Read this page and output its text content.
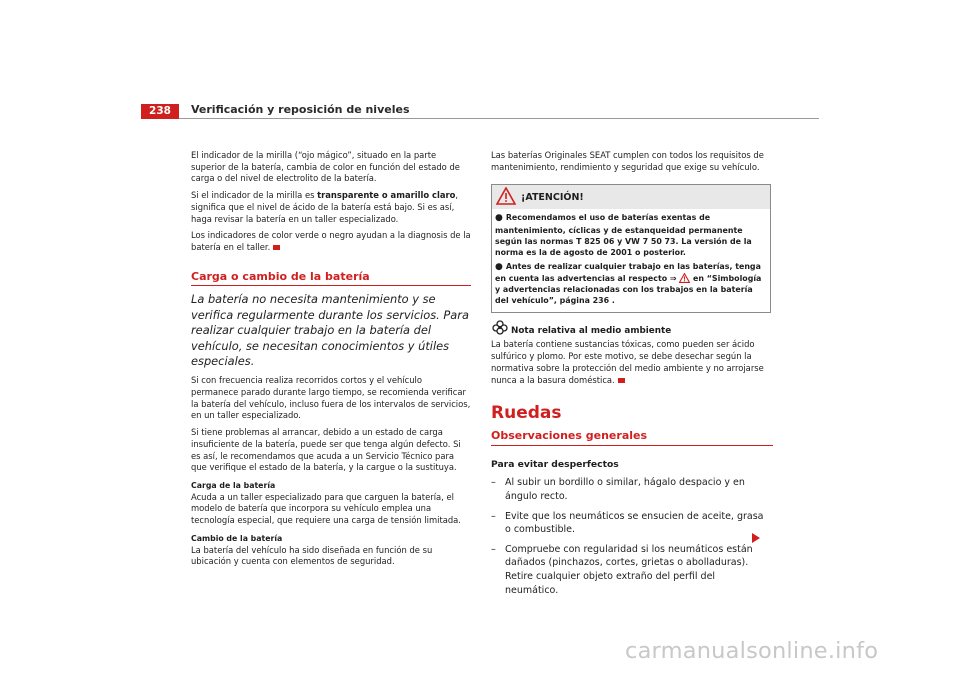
238	Verificación y reposición de niveles

El indicador de la mirilla (“ojo mágico”, situado en la parte superior de la batería, cambia de color en función del estado de carga o del nivel de electrolito de la batería.

Si el indicador de la mirilla es transparente o amarillo claro, significa que el nivel de ácido de la batería está bajo. Si es así, haga revisar la batería en un taller especializado.

Los indicadores de color verde o negro ayudan a la diagnosis de la batería en el taller.

Carga o cambio de la batería
La batería no necesita mantenimiento y se verifica regularmente durante los servicios. Para realizar cualquier trabajo en la batería del vehículo, se necesitan conocimientos y útiles especiales.

Si con frecuencia realiza recorridos cortos y el vehículo permanece parado durante largo tiempo, se recomienda verificar la batería del vehículo, incluso fuera de los intervalos de servicios, en un taller especializado.

Si tiene problemas al arrancar, debido a un estado de carga insuficiente de la batería, puede ser que tenga algún defecto. Si es así, le recomendamos que acuda a un Servicio Técnico para que verifique el estado de la batería, y la cargue o la sustituya.

Carga de la batería

Acuda a un taller especializado para que carguen la batería, el modelo de batería que incorpora su vehículo emplea una tecnología especial, que requiere una carga de tensión limitada.

Cambio de la batería

La batería del vehículo ha sido diseñada en función de su ubicación y cuenta con elementos de seguridad.

Las baterías Originales SEAT cumplen con todos los requisitos de mantenimiento, rendimiento y seguridad que exige su vehículo.

¡ATENCIÓN!
● Recomendamos el uso de baterías exentas de mantenimiento, cíclicas y de estanqueidad permanente según las normas T 825 06 y VW 7 50 73. La versión de la norma es la de agosto de 2001 o posterior.
● Antes de realizar cualquier trabajo en las baterías, tenga en cuenta las advertencias al respecto ⇒  en “Simbología y advertencias relacionadas con los trabajos en la batería del vehículo”, página 236 .
Nota relativa al medio ambiente

La batería contiene sustancias tóxicas, como pueden ser ácido sulfúrico y plomo. Por este motivo, se debe desechar según la normativa sobre la protección del medio ambiente y no arrojarse nunca a la basura doméstica.

Ruedas
Observaciones generales
Para evitar desperfectos
– Al subir un bordillo o similar, hágalo despacio y en ángulo recto.
– Evite que los neumáticos se ensucien de aceite, grasa o combustible.
– Compruebe con regularidad si los neumáticos están dañados (pinchazos, cortes, grietas o abolladuras). Retire cualquier objeto extraño del perfil del neumático.
carmanualsonline.info
